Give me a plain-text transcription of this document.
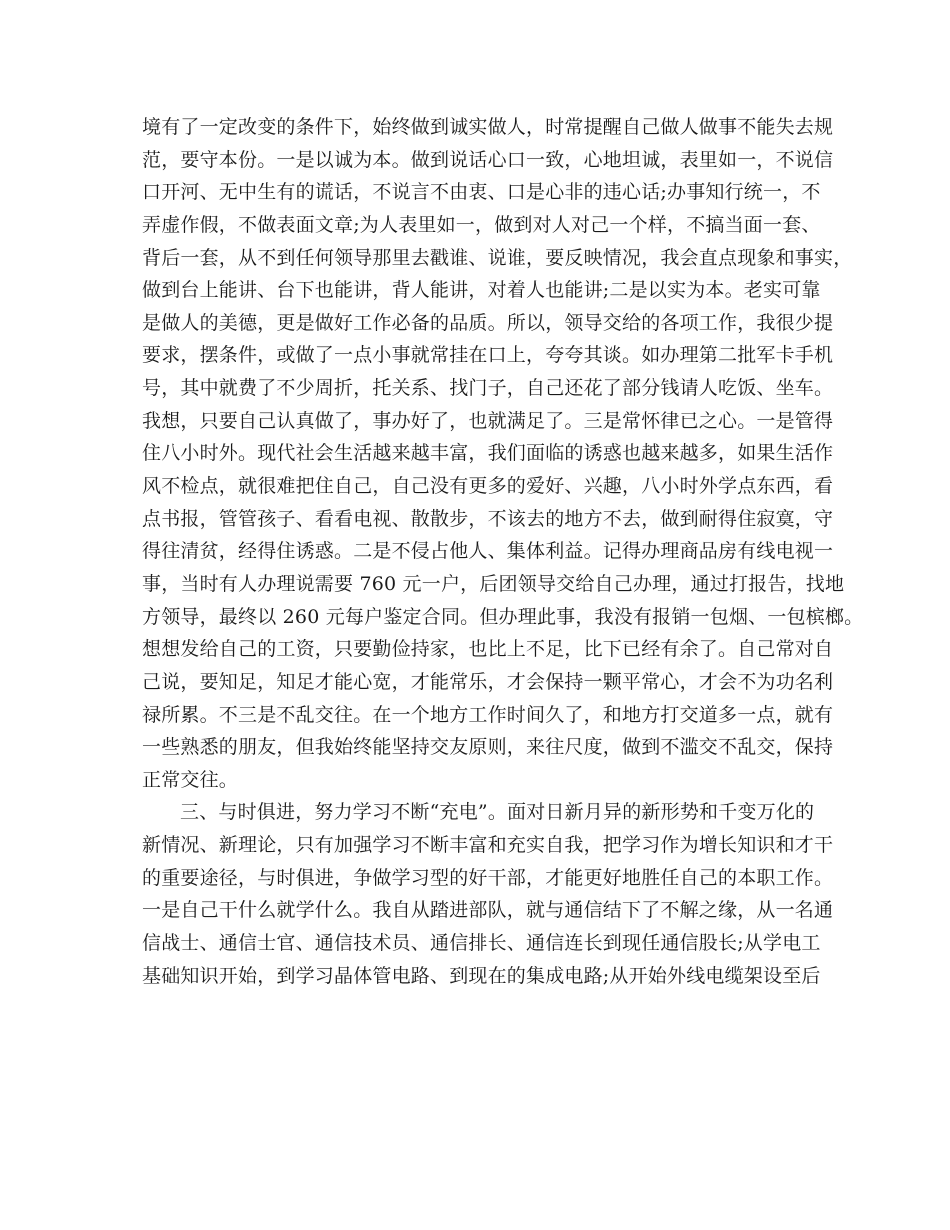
境有了一定改变的条件下，始终做到诚实做人，时常提醒自己做人做事不能失去规
范，要守本份。一是以诚为本。做到说话心口一致，心地坦诚，表里如一，不说信
口开河、无中生有的谎话，不说言不由衷、口是心非的违心话;办事知行统一，不
弄虚作假，不做表面文章;为人表里如一，做到对人对己一个样，不搞当面一套、
背后一套，从不到任何领导那里去戳谁、说谁，要反映情况，我会直点现象和事实，
做到台上能讲、台下也能讲，背人能讲，对着人也能讲;二是以实为本。老实可靠
是做人的美德，更是做好工作必备的品质。所以，领导交给的各项工作，我很少提
要求，摆条件，或做了一点小事就常挂在口上，夸夸其谈。如办理第二批军卡手机
号，其中就费了不少周折，托关系、找门子，自己还花了部分钱请人吃饭、坐车。
我想，只要自己认真做了，事办好了，也就满足了。三是常怀律已之心。一是管得
住八小时外。现代社会生活越来越丰富，我们面临的诱惑也越来越多，如果生活作
风不检点，就很难把住自己，自己没有更多的爱好、兴趣，八小时外学点东西，看
点书报，管管孩子、看看电视、散散步，不该去的地方不去，做到耐得住寂寞，守
得往清贫，经得住诱惑。二是不侵占他人、集体利益。记得办理商品房有线电视一
事，当时有人办理说需要 760 元一户，后团领导交给自己办理，通过打报告，找地
方领导，最终以 260 元每户鉴定合同。但办理此事，我没有报销一包烟、一包槟榔。
想想发给自己的工资，只要勤俭持家，也比上不足，比下已经有余了。自己常对自
己说，要知足，知足才能心宽，才能常乐，才会保持一颗平常心，才会不为功名利
禄所累。不三是不乱交往。在一个地方工作时间久了，和地方打交道多一点，就有
一些熟悉的朋友，但我始终能坚持交友原则，来往尺度，做到不滥交不乱交，保持
正常交往。
三、与时俱进，努力学习不断“充电”。面对日新月异的新形势和千变万化的
新情况、新理论，只有加强学习不断丰富和充实自我，把学习作为增长知识和才干
的重要途径，与时俱进，争做学习型的好干部，才能更好地胜任自己的本职工作。
一是自己干什么就学什么。我自从踏进部队，就与通信结下了不解之缘，从一名通
信战士、通信士官、通信技术员、通信排长、通信连长到现任通信股长;从学电工
基础知识开始，到学习晶体管电路、到现在的集成电路;从开始外线电缆架设至后
